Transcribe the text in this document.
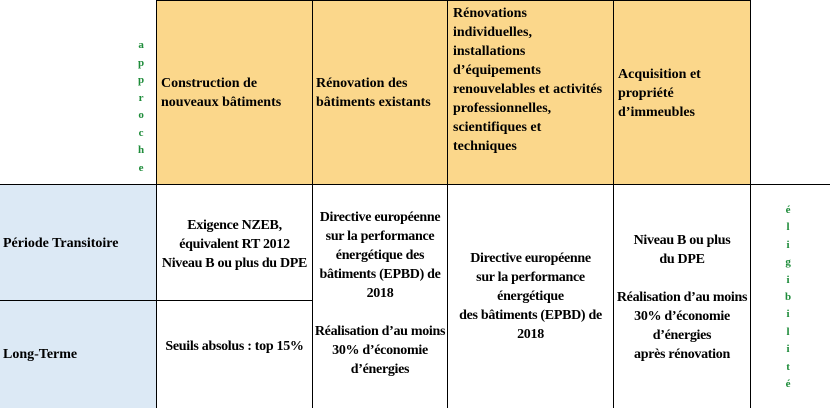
a
p
p
r
o
c
h
e
Construction de nouveaux bâtiments
Rénovation des bâtiments existants
Rénovations individuelles, installations d’équipements renouvelables et activités professionnelles, scientifiques et techniques
Acquisition et propriété d’immeubles
Période Transitoire
Long-Terme
Exigence NZEB,
équivalent RT 2012
Niveau B ou plus du DPE
Seuils absolus : top 15%
Directive européenne
sur la performance
énergétique des
bâtiments (EPBD) de
2018

Réalisation d’au moins
30% d’économie
d’énergies
Directive européenne
sur la performance
énergétique
des bâtiments (EPBD) de
2018
Niveau B ou plus
du DPE

Réalisation d’au moins
30% d’économie
d’énergies
après rénovation
é
l
i
g
i
b
i
l
i
t
é
